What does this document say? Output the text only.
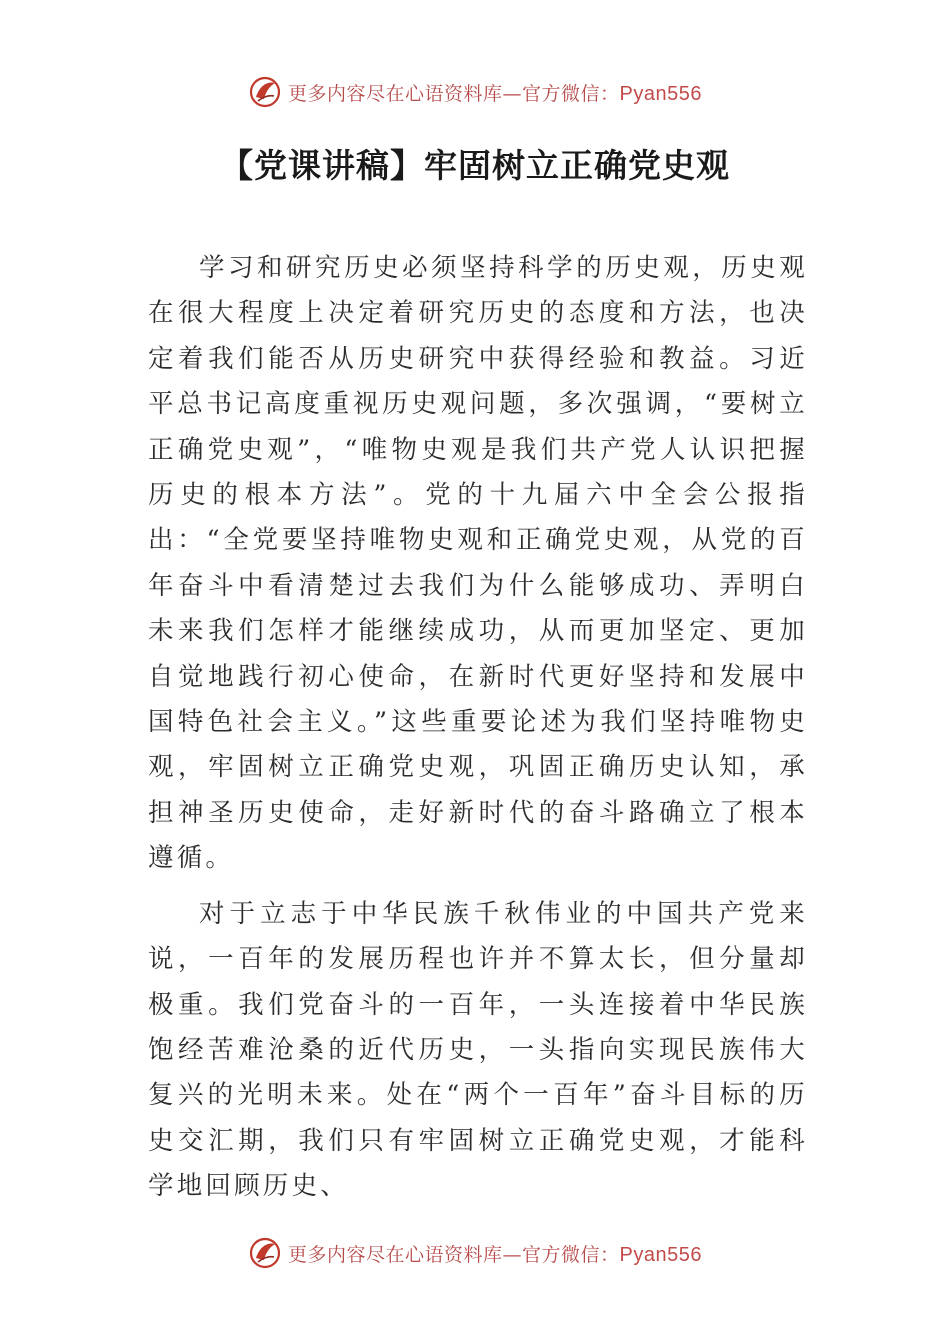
更多内容尽在心语资料库—官方微信：Pyan556
【党课讲稿】牢固树立正确党史观

学习和研究历史必须坚持科学的历史观，历史观在很大程度上决定着研究历史的态度和方法，也决定着我们能否从历史研究中获得经验和教益。习近平总书记高度重视历史观问题，多次强调，“要树立正确党史观”，“唯物史观是我们共产党人认识把握历史的根本方法”。党的十九届六中全会公报指出：“全党要坚持唯物史观和正确党史观，从党的百年奋斗中看清楚过去我们为什么能够成功、弄明白未来我们怎样才能继续成功，从而更加坚定、更加自觉地践行初心使命，在新时代更好坚持和发展中国特色社会主义。”这些重要论述为我们坚持唯物史观，牢固树立正确党史观，巩固正确历史认知，承担神圣历史使命，走好新时代的奋斗路确立了根本遵循。

对于立志于中华民族千秋伟业的中国共产党来说，一百年的发展历程也许并不算太长，但分量却极重。我们党奋斗的一百年，一头连接着中华民族饱经苦难沧桑的近代历史，一头指向实现民族伟大复兴的光明未来。处在“两个一百年”奋斗目标的历史交汇期，我们只有牢固树立正确党史观，才能科学地回顾历史、

更多内容尽在心语资料库—官方微信：Pyan556
